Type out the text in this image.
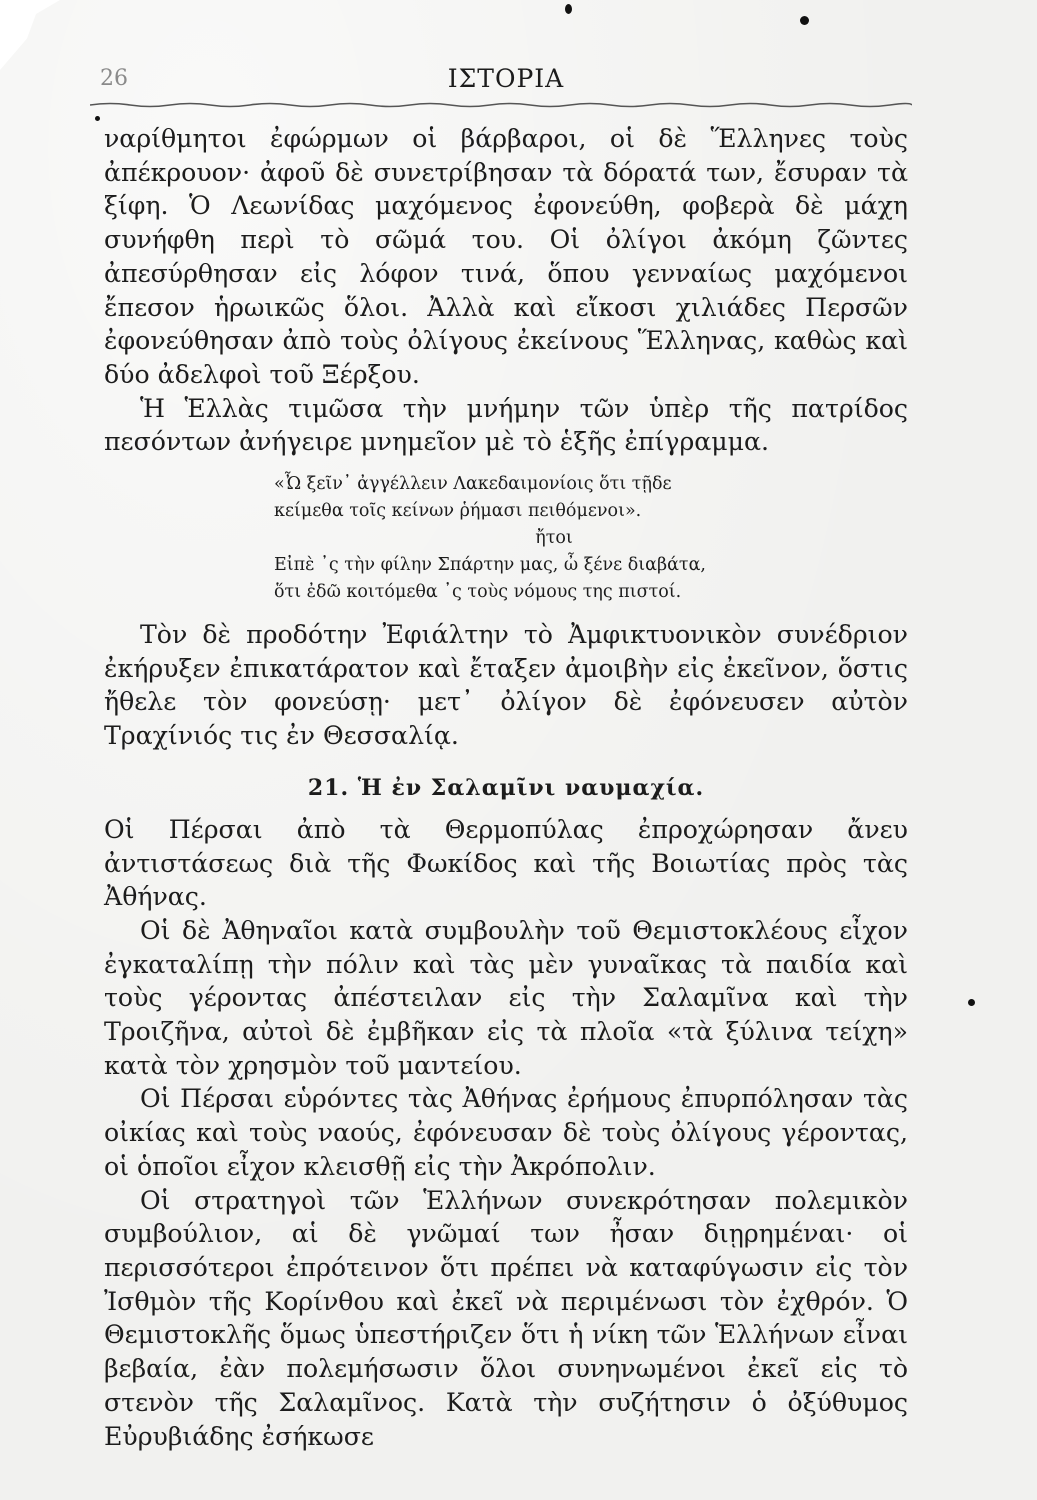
26	ΙΣΤΟΡΙΑ

ναρίθμητοι ἐφώρμων οἱ βάρβαροι, οἱ δὲ Ἕλληνες τοὺς ἀπέκρουον· ἀφοῦ δὲ συνετρίβησαν τὰ δόρατά των, ἔσυραν τὰ ξίφη. Ὁ Λεωνίδας μαχόμενος ἐφονεύθη, φοβερὰ δὲ μάχη συνήφθη περὶ τὸ σῶμά του. Οἱ ὀλίγοι ἀκόμη ζῶντες ἀπεσύρθησαν εἰς λόφον τινά, ὅπου γενναίως μαχόμενοι ἔπεσον ἡρωικῶς ὅλοι. Ἀλλὰ καὶ εἴκοσι χιλιάδες Περσῶν ἐφονεύθησαν ἀπὸ τοὺς ὀλίγους ἐκείνους Ἕλληνας, καθὼς καὶ δύο ἀδελφοὶ τοῦ Ξέρξου.

Ἡ Ἑλλὰς τιμῶσα τὴν μνήμην τῶν ὑπὲρ τῆς πατρίδος πεσόντων ἀνήγειρε μνημεῖον μὲ τὸ ἑξῆς ἐπίγραμμα.

«Ὦ ξεῖν᾽ ἀγγέλλειν Λακεδαιμονίοις ὅτι τῇδε
κείμεθα τοῖς κείνων ῥήμασι πειθόμενοι».
ἤτοι
Εἰπὲ ᾽ς τὴν φίλην Σπάρτην μας, ὦ ξένε διαβάτα,
ὅτι ἐδῶ κοιτόμεθα ᾽ς τοὺς νόμους της πιστοί.

Τὸν δὲ προδότην Ἐφιάλτην τὸ Ἀμφικτυονικὸν συνέδριον ἐκήρυξεν ἐπικατάρατον καὶ ἔταξεν ἀμοιβὴν εἰς ἐκεῖνον, ὅστις ἤθελε τὸν φονεύσῃ· μετ᾽ ὀλίγον δὲ ἐφόνευσεν αὐτὸν Τραχίνιός τις ἐν Θεσσαλίᾳ.

21. Ἡ ἐν Σαλαμῖνι ναυμαχία.

Οἱ Πέρσαι ἀπὸ τὰ Θερμοπύλας ἐπροχώρησαν ἄνευ ἀντιστάσεως διὰ τῆς Φωκίδος καὶ τῆς Βοιωτίας πρὸς τὰς Ἀθήνας.

Οἱ δὲ Ἀθηναῖοι κατὰ συμβουλὴν τοῦ Θεμιστοκλέους εἶχον ἐγκαταλίπῃ τὴν πόλιν καὶ τὰς μὲν γυναῖκας τὰ παιδία καὶ τοὺς γέροντας ἀπέστειλαν εἰς τὴν Σαλαμῖνα καὶ τὴν Τροιζῆνα, αὐτοὶ δὲ ἐμβῆκαν εἰς τὰ πλοῖα «τὰ ξύλινα τείχη» κατὰ τὸν χρησμὸν τοῦ μαντείου.

Οἱ Πέρσαι εὑρόντες τὰς Ἀθήνας ἐρήμους ἐπυρπόλησαν τὰς οἰκίας καὶ τοὺς ναούς, ἐφόνευσαν δὲ τοὺς ὀλίγους γέροντας, οἱ ὁποῖοι εἶχον κλεισθῇ εἰς τὴν Ἀκρόπολιν.

Οἱ στρατηγοὶ τῶν Ἑλλήνων συνεκρότησαν πολεμικὸν συμβούλιον, αἱ δὲ γνῶμαί των ἦσαν διῃρημέναι· οἱ περισσότεροι ἐπρότεινον ὅτι πρέπει νὰ καταφύγωσιν εἰς τὸν Ἰσθμὸν τῆς Κορίνθου καὶ ἐκεῖ νὰ περιμένωσι τὸν ἐχθρόν. Ὁ Θεμιστοκλῆς ὅμως ὑπεστήριζεν ὅτι ἡ νίκη τῶν Ἑλλήνων εἶναι βεβαία, ἐὰν πολεμήσωσιν ὅλοι συνηνωμένοι ἐκεῖ εἰς τὸ στενὸν τῆς Σαλαμῖνος. Κατὰ τὴν συζήτησιν ὁ ὀξύθυμος Εὐρυβιάδης ἐσήκωσε
